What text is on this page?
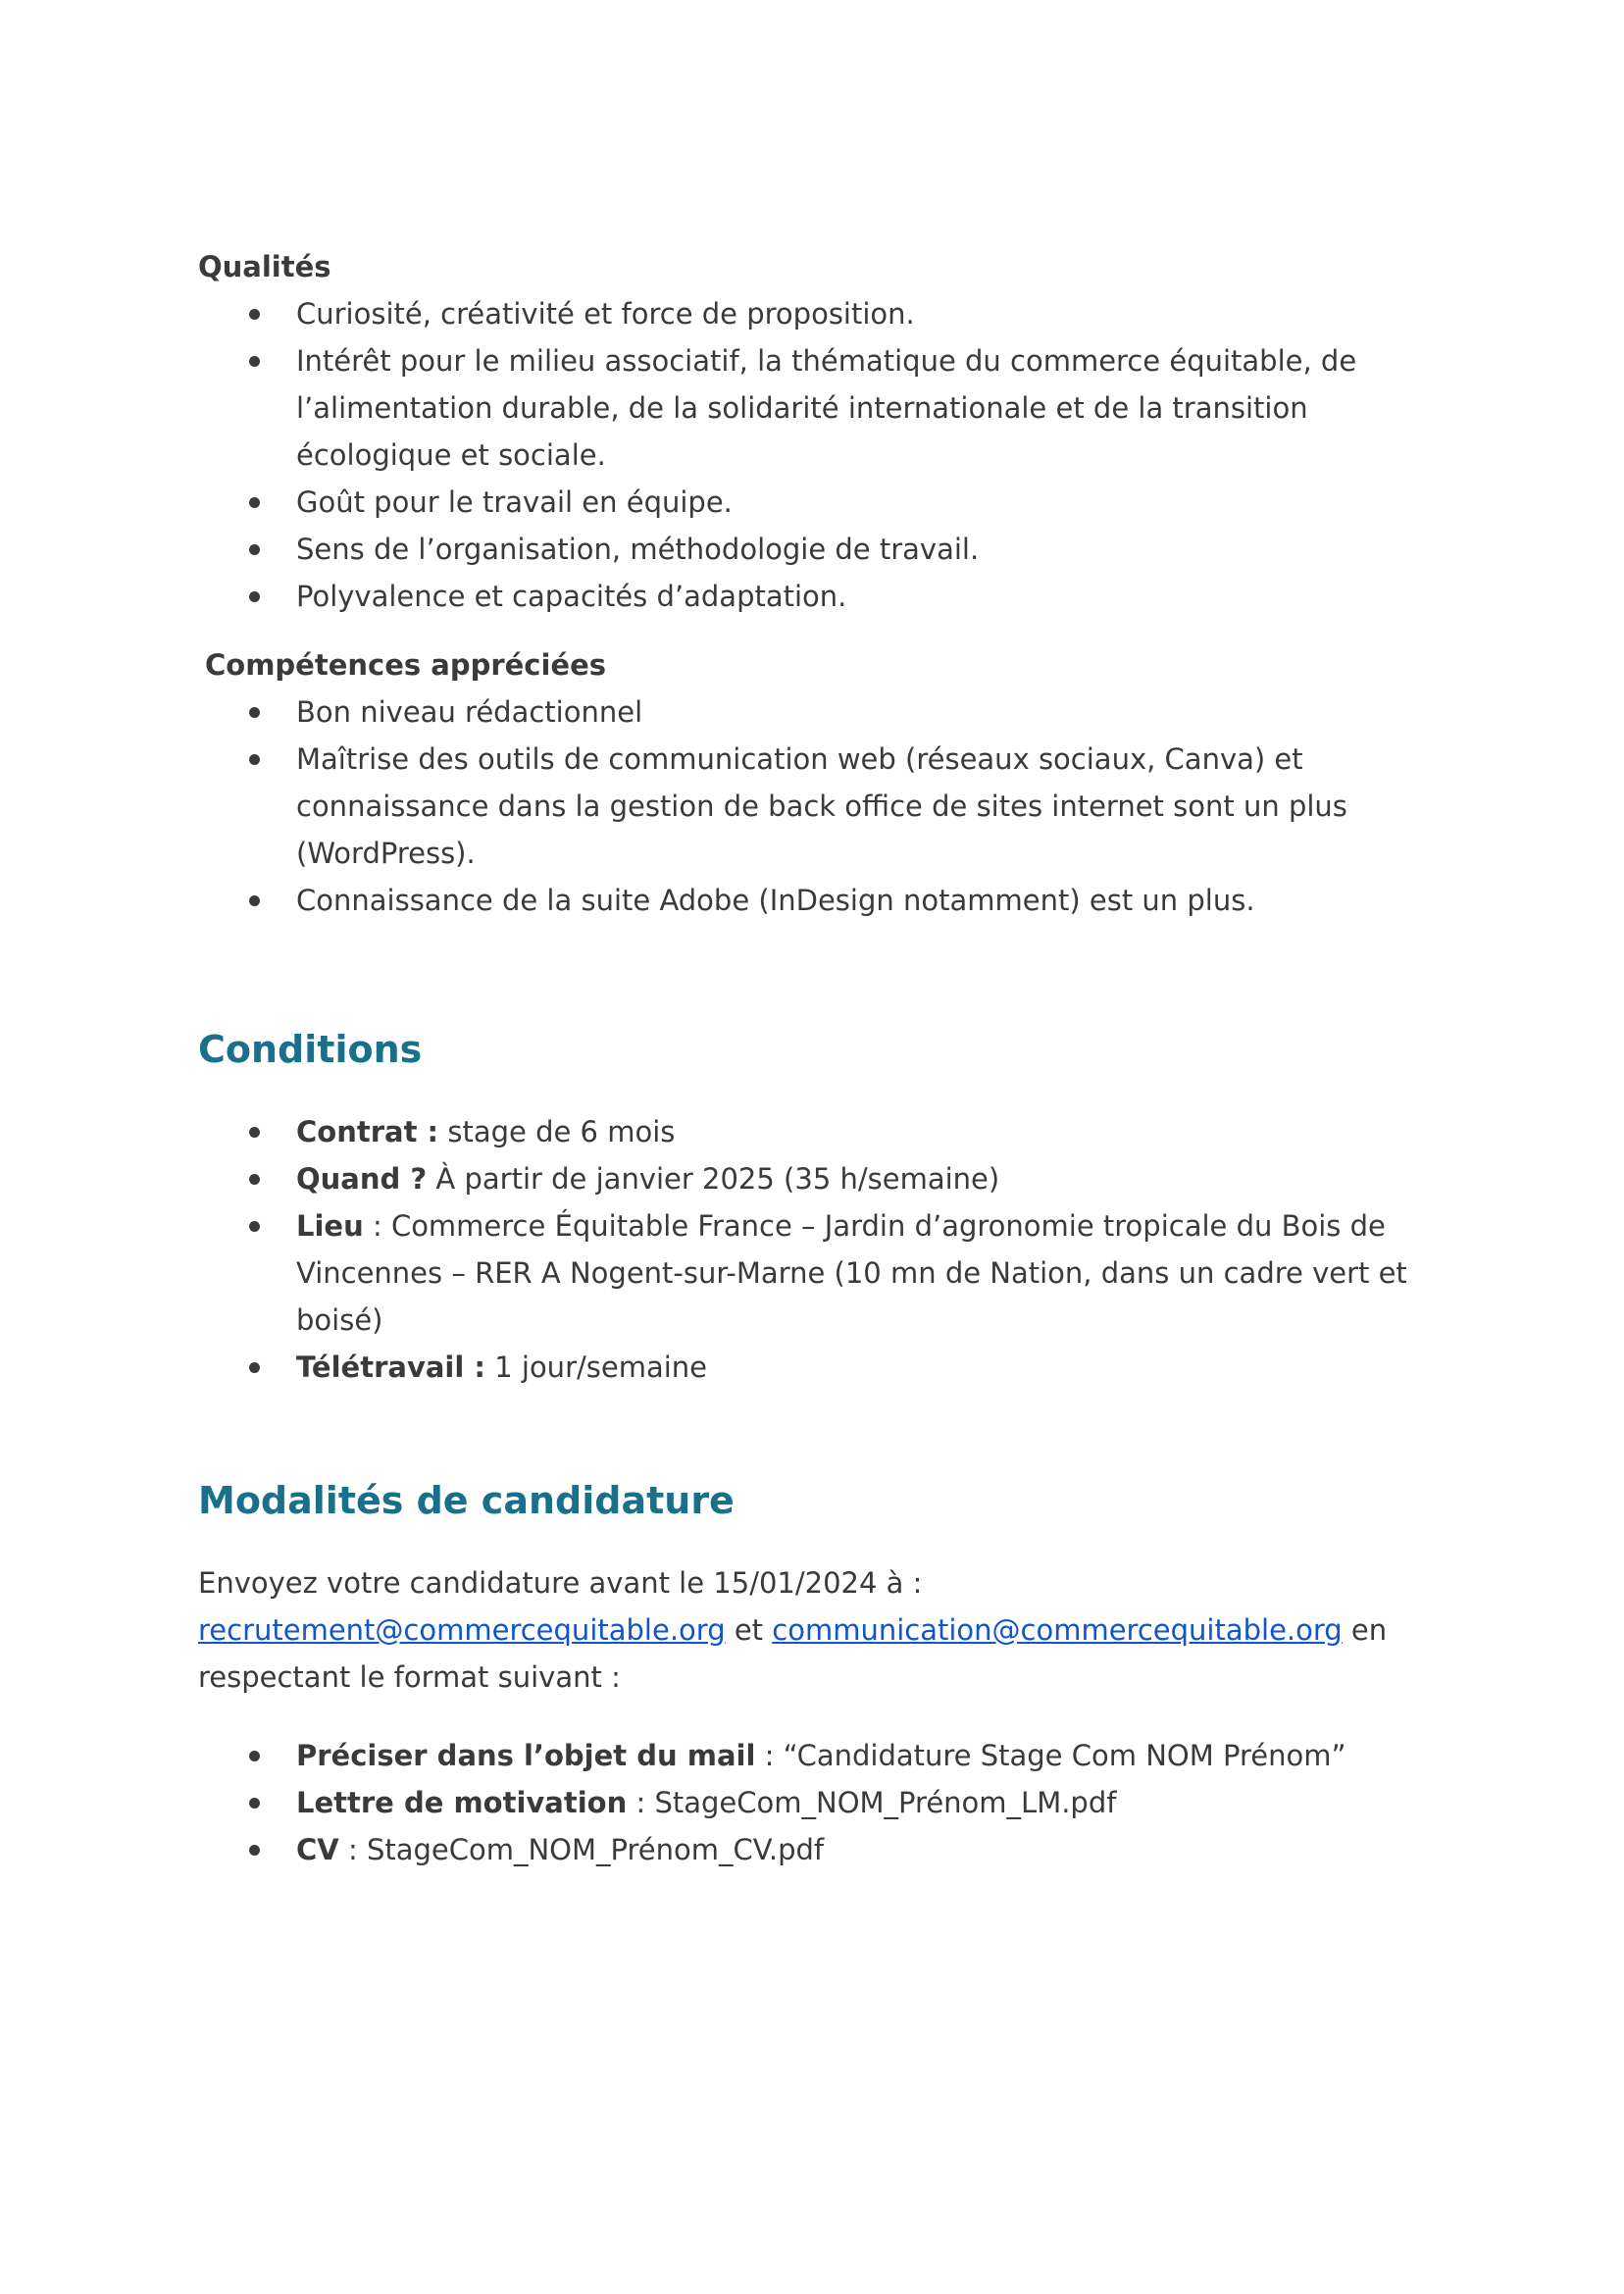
Qualités

Curiosité, créativité et force de proposition.
Intérêt pour le milieu associatif, la thématique du commerce équitable, de l’alimentation durable, de la solidarité internationale et de la transition écologique et sociale.
Goût pour le travail en équipe.
Sens de l’organisation, méthodologie de travail.
Polyvalence et capacités d’adaptation.

Compétences appréciées

Bon niveau rédactionnel
Maîtrise des outils de communication web (réseaux sociaux, Canva) et connaissance dans la gestion de back office de sites internet sont un plus (WordPress).
Connaissance de la suite Adobe (InDesign notamment) est un plus.
Conditions
Contrat : stage de 6 mois
Quand ? À partir de janvier 2025 (35 h/semaine)
Lieu : Commerce Équitable France – Jardin d’agronomie tropicale du Bois de Vincennes – RER A Nogent-sur-Marne (10 mn de Nation, dans un cadre vert et boisé)
Télétravail : 1 jour/semaine
Modalités de candidature

Envoyez votre candidature avant le 15/01/2024 à : recrutement@commercequitable.org et communication@commercequitable.org en respectant le format suivant :

Préciser dans l’objet du mail : “Candidature Stage Com NOM Prénom”
Lettre de motivation : StageCom_NOM_Prénom_LM.pdf
CV : StageCom_NOM_Prénom_CV.pdf
